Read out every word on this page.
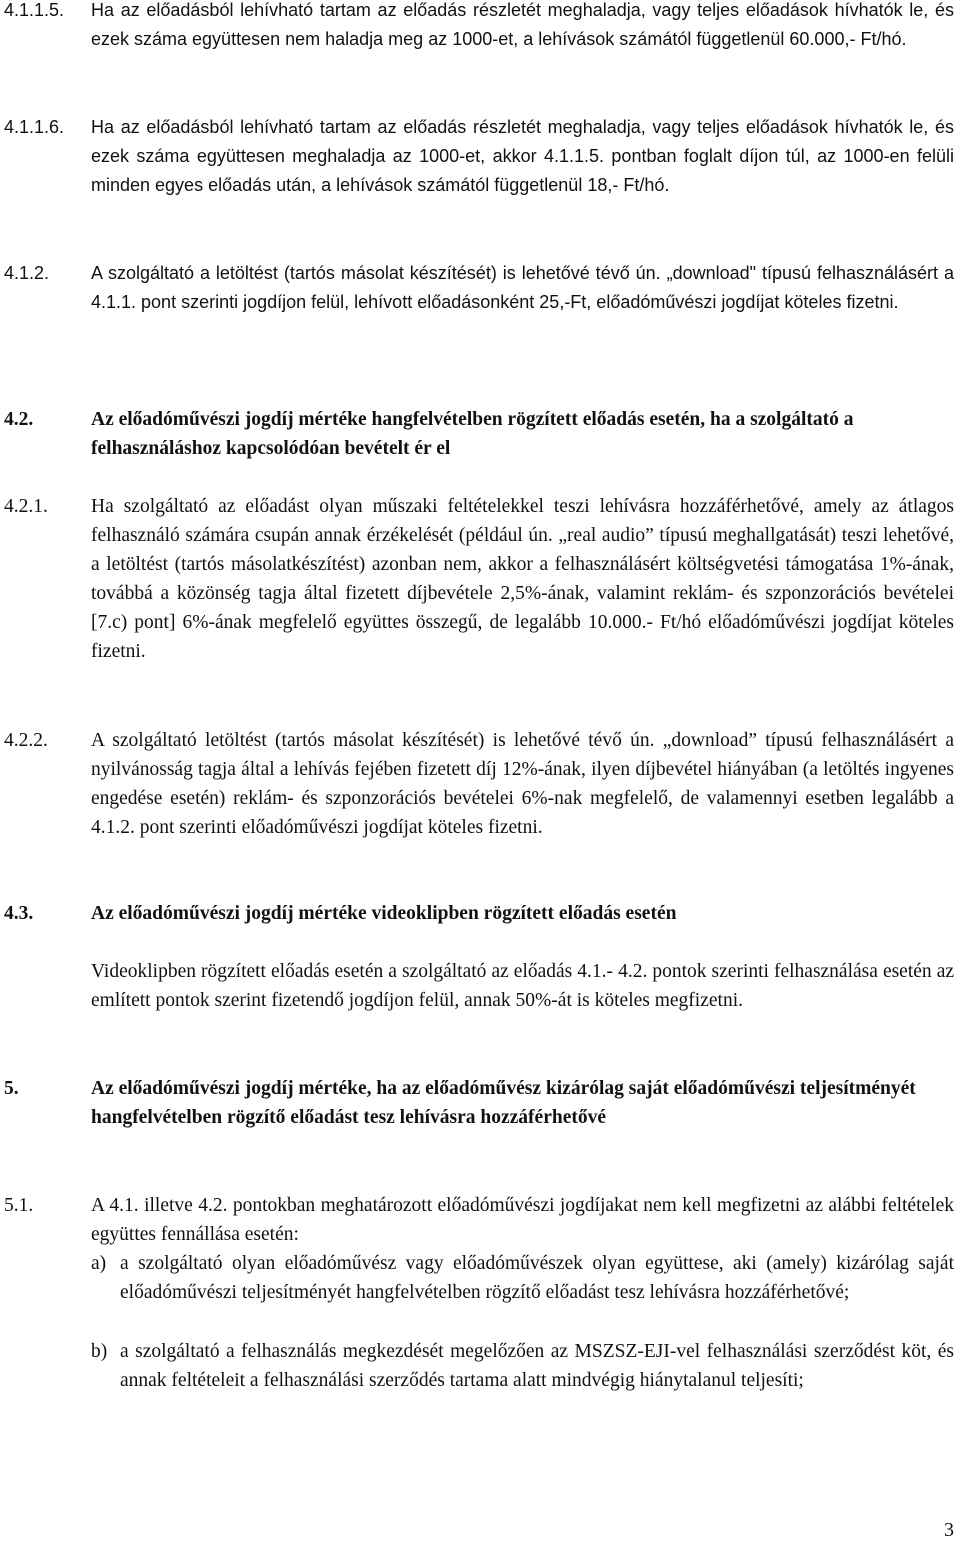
4.1.1.5. Ha az előadásból lehívható tartam az előadás részletét meghaladja, vagy teljes előadások hívhatók le, és ezek száma együttesen nem haladja meg az 1000-et, a lehívások számától függetlenül 60.000,- Ft/hó.
4.1.1.6. Ha az előadásból lehívható tartam az előadás részletét meghaladja, vagy teljes előadások hívhatók le, és ezek száma együttesen meghaladja az 1000-et, akkor 4.1.1.5. pontban foglalt díjon túl, az 1000-en felüli minden egyes előadás után, a lehívások számától függetlenül 18,- Ft/hó.
4.1.2. A szolgáltató a letöltést (tartós másolat készítését) is lehetővé tévő ún. „download" típusú felhasználásért a 4.1.1. pont szerinti jogdíjon felül, lehívott előadásonként 25,-Ft, előadóművészi jogdíjat köteles fizetni.
4.2.	Az előadóművészi jogdíj mértéke hangfelvételben rögzített előadás esetén, ha a szolgáltató a felhasználáshoz kapcsolódóan bevételt ér el
4.2.1. Ha szolgáltató az előadást olyan műszaki feltételekkel teszi lehívásra hozzáférhetővé, amely az átlagos felhasználó számára csupán annak érzékelését (például ún. „real audio” típusú meghallgatását) teszi lehetővé, a letöltést (tartós másolatkészítést) azonban nem, akkor a felhasználásért költségvetési támogatása 1%-ának, továbbá a közönség tagja által fizetett díjbevétele 2,5%-ának, valamint reklám- és szponzorációs bevételei [7.c) pont] 6%-ának megfelelő együttes összegű, de legalább 10.000.- Ft/hó előadóművészi jogdíjat köteles fizetni.
4.2.2. A szolgáltató letöltést (tartós másolat készítését) is lehetővé tévő ún. „download” típusú felhasználásért a nyilvánosság tagja által a lehívás fejében fizetett díj 12%-ának, ilyen díjbevétel hiányában (a letöltés ingyenes engedése esetén) reklám- és szponzorációs bevételei 6%-nak megfelelő, de valamennyi esetben legalább a 4.1.2. pont szerinti előadóművészi jogdíjat köteles fizetni.
4.3.	Az előadóművészi jogdíj mértéke videoklipben rögzített előadás esetén
Videoklipben rögzített előadás esetén a szolgáltató az előadás 4.1.- 4.2. pontok szerinti felhasználása esetén az említett pontok szerint fizetendő jogdíjon felül, annak 50%-át is köteles megfizetni.
5.	Az előadóművészi jogdíj mértéke, ha az előadóművész kizárólag saját előadóművészi teljesítményét hangfelvételben rögzítő előadást tesz lehívásra hozzáférhetővé
5.1.	A 4.1. illetve 4.2. pontokban meghatározott előadóművészi jogdíjakat nem kell megfizetni az alábbi feltételek együttes fennállása esetén:
a) a szolgáltató olyan előadóművész vagy előadóművészek olyan együttese, aki (amely) kizárólag saját előadóművészi teljesítményét hangfelvételben rögzítő előadást tesz lehívásra hozzáférhetővé;
b) a szolgáltató a felhasználás megkezdését megelőzően az MSZSZ-EJI-vel felhasználási szerződést köt, és annak feltételeit a felhasználási szerződés tartama alatt mindvégig hiánytalanul teljesíti;
3
